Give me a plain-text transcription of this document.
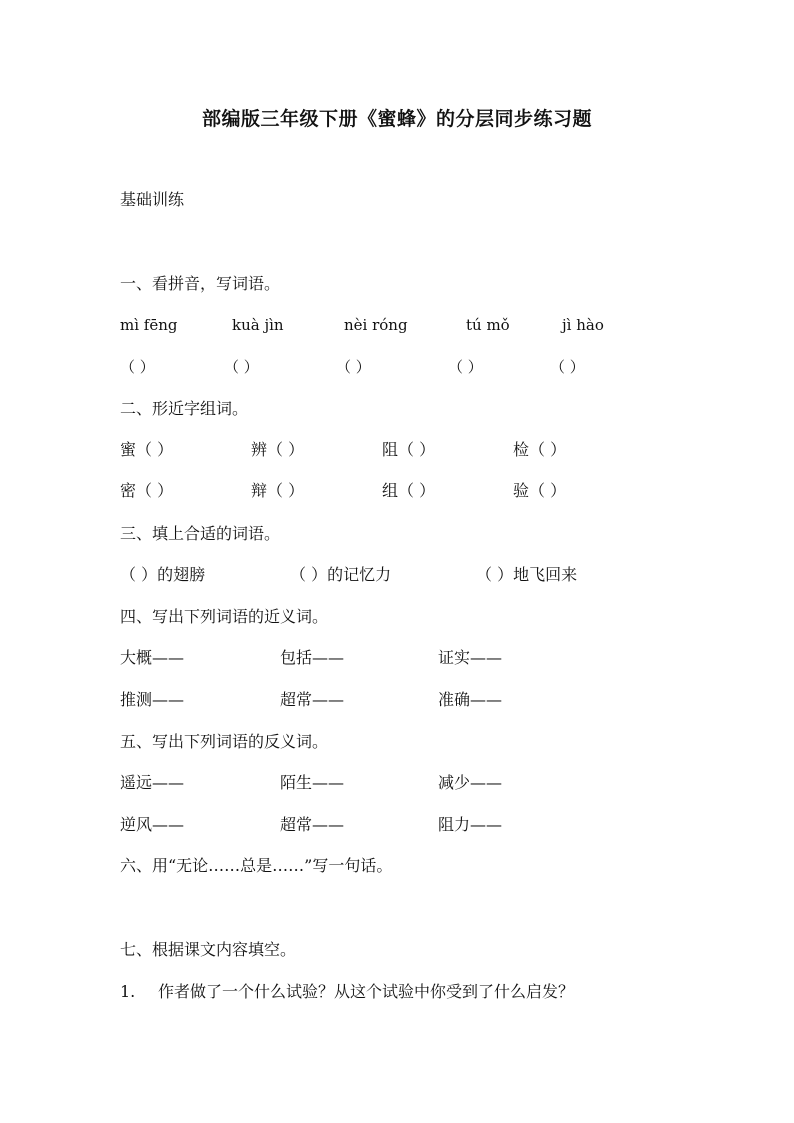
部编版三年级下册《蜜蜂》的分层同步练习题
基础训练
一、看拼音，写词语。
mì fēng	kuà jìn	nèi róng	tú mǒ	jì hào
（ ）	（ ）	（ ）	（ ）	（ ）
二、形近字组词。
蜜（ ）	辨（ ）	阻（ ）	检（ ）
密（ ）	辩（ ）	组（ ）	验（ ）
三、填上合适的词语。
（ ）的翅膀	（ ）的记忆力	（ ）地飞回来
四、写出下列词语的近义词。
大概——	包括——	证实——
推测——	超常——	准确——
五、写出下列词语的反义词。
遥远——	陌生——	减少——
逆风——	超常——	阻力——
六、用“无论……总是……”写一句话。
七、根据课文内容填空。
1. 作者做了一个什么试验？从这个试验中你受到了什么启发？
